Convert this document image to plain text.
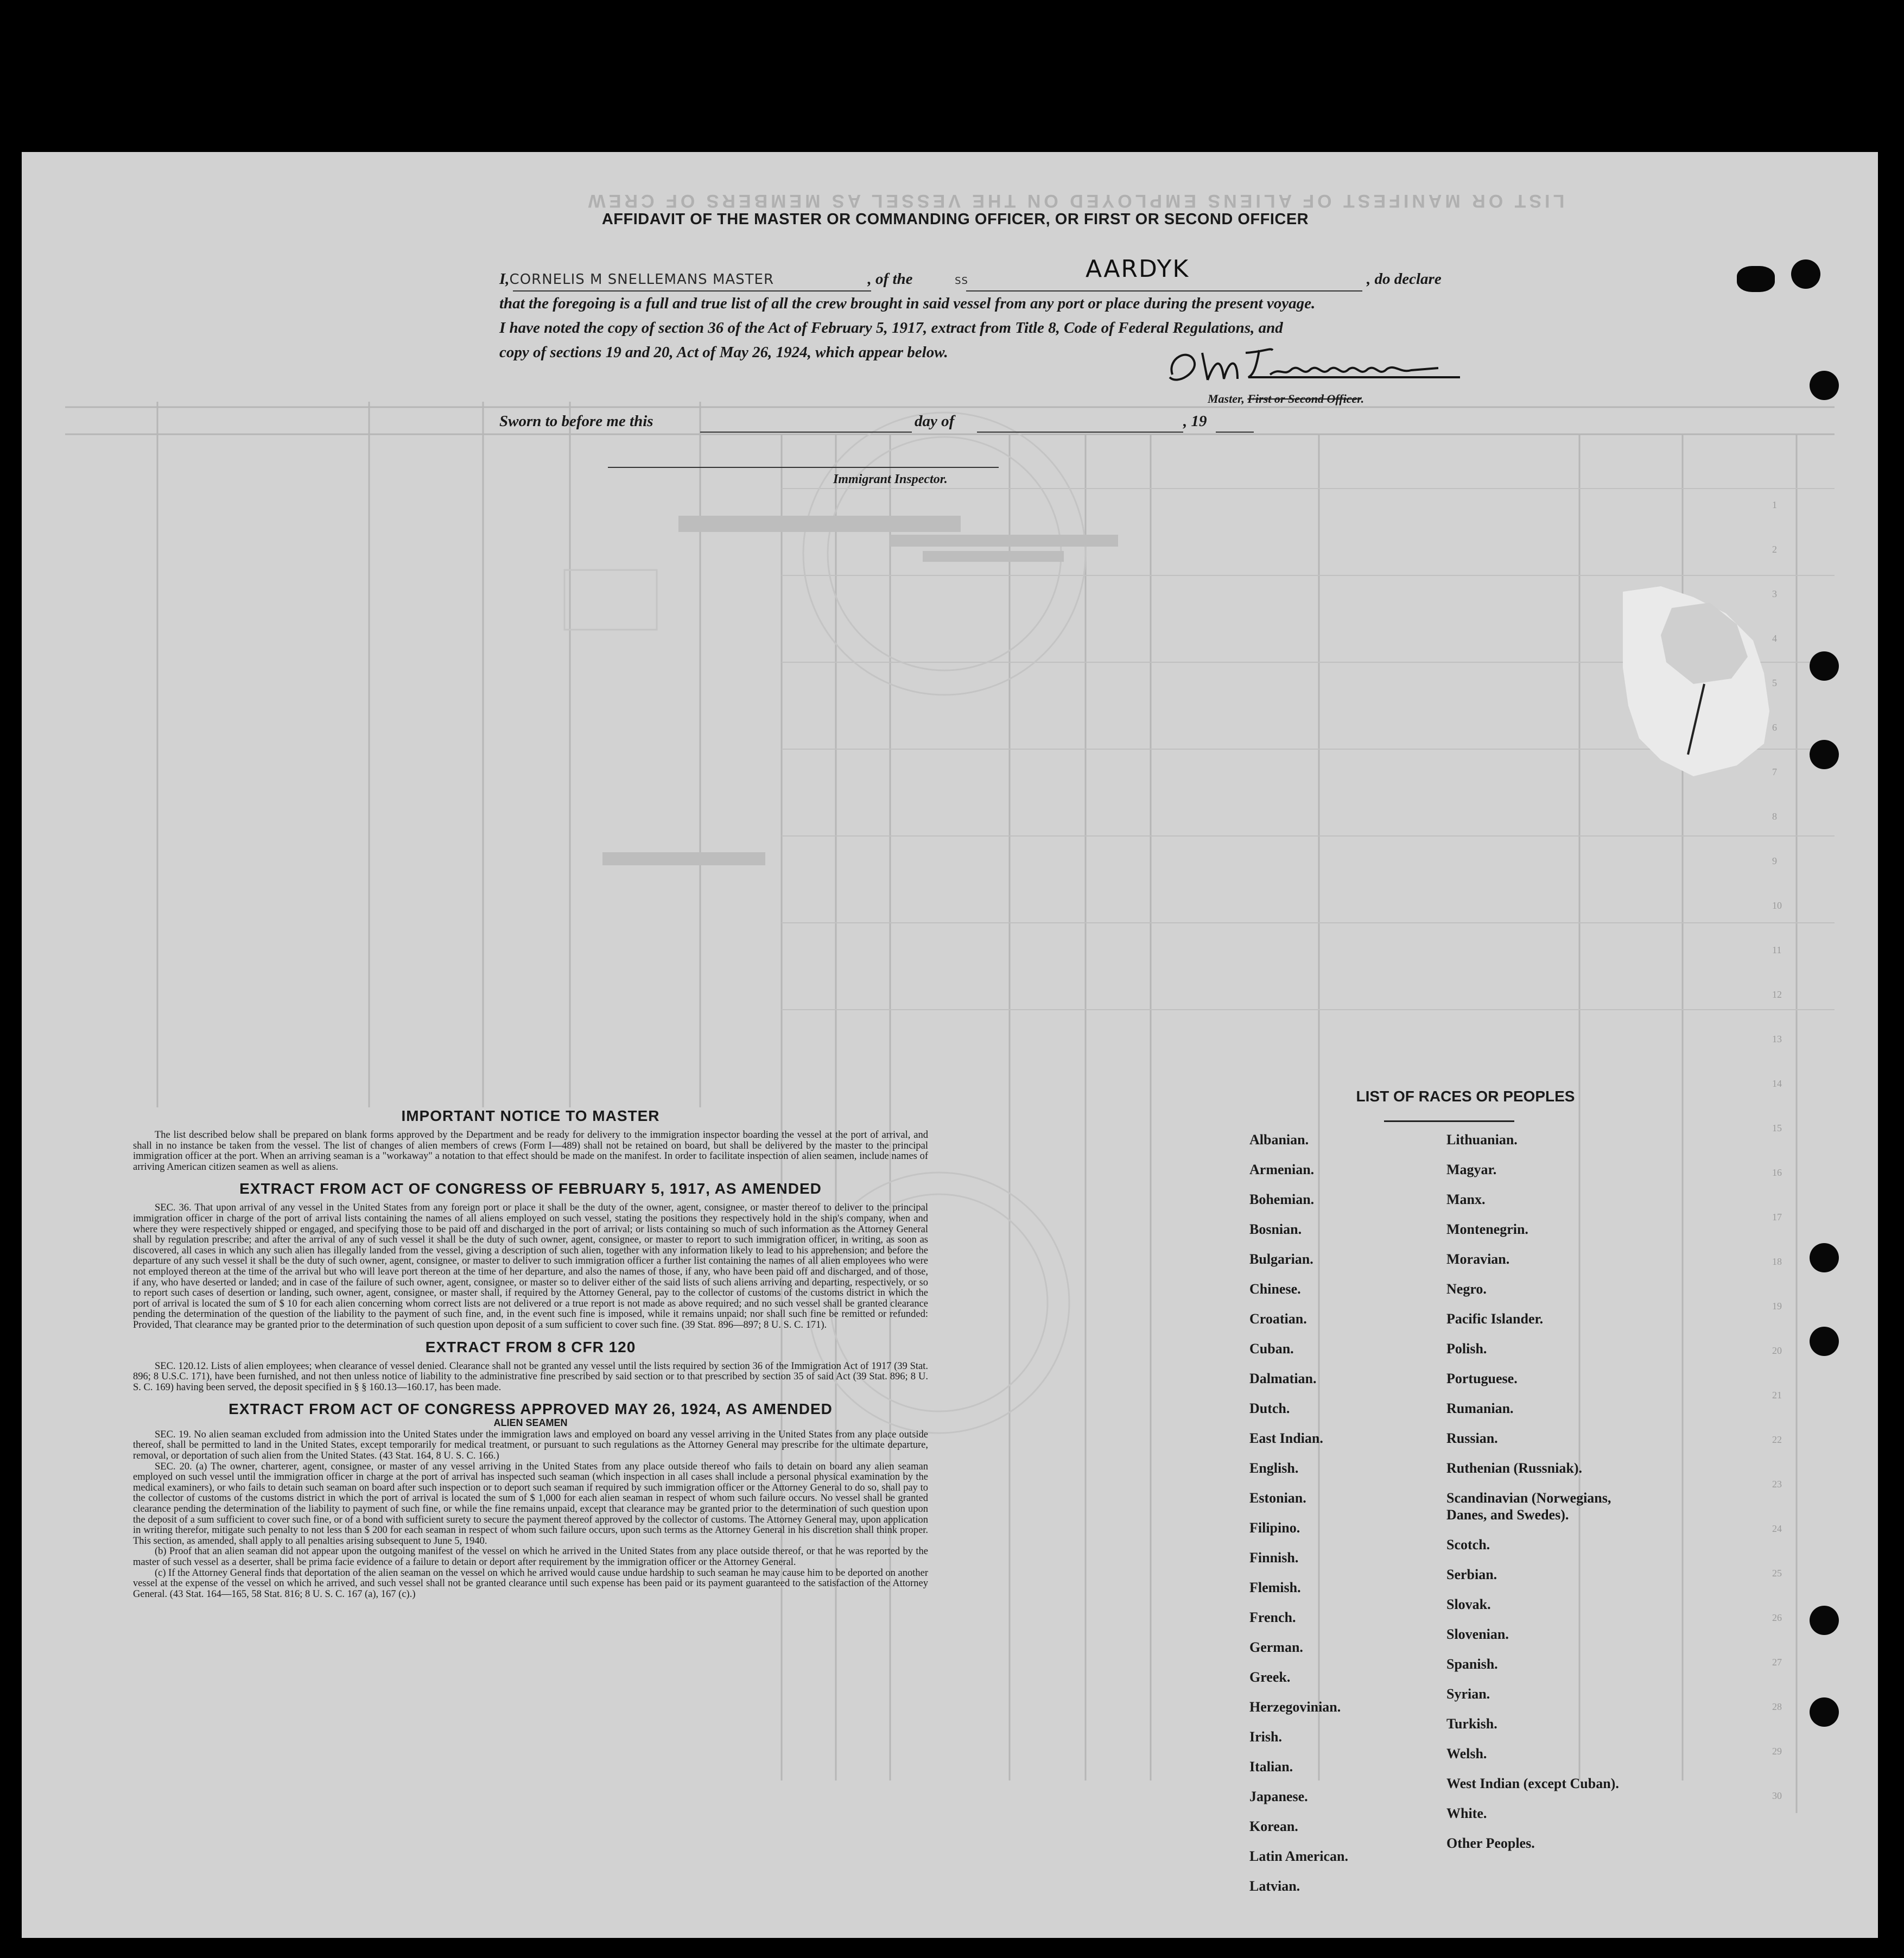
LIST OR MANIFEST OF ALIENS EMPLOYED ON THE VESSEL AS MEMBERS OF CREW
AFFIDAVIT OF THE MASTER OR COMMANDING OFFICER, OR FIRST OR SECOND OFFICER
I,CORNELIS M SNELLEMANS MASTER	, of the	SS	AARDYK	, do declare
that the foregoing is a full and true list of all the crew brought in said vessel from any port or place during the present voyage.
I have noted the copy of section 36 of the Act of February 5, 1917, extract from Title 8, Code of Federal Regulations, and
copy of sections 19 and 20, Act of May 26, 1924, which appear below.
Master, First or Second Officer.
Sworn to before me this	day of	, 19
Immigrant Inspector.
IMPORTANT NOTICE TO MASTER

The list described below shall be prepared on blank forms approved by the Department and be ready for delivery to the immigration inspector boarding the vessel at the port of arrival, and shall in no instance be taken from the vessel. The list of changes of alien members of crews (Form I—489) shall not be retained on board, but shall be delivered by the master to the principal immigration officer at the port. When an arriving seaman is a "workaway" a notation to that effect should be made on the manifest. In order to facilitate inspection of alien seamen, include names of arriving American citizen seamen as well as aliens.

EXTRACT FROM ACT OF CONGRESS OF FEBRUARY 5, 1917, AS AMENDED

SEC. 36. That upon arrival of any vessel in the United States from any foreign port or place it shall be the duty of the owner, agent, consignee, or master thereof to deliver to the principal immigration officer in charge of the port of arrival lists containing the names of all aliens employed on such vessel, stating the positions they respectively hold in the ship's company, when and where they were respectively shipped or engaged, and specifying those to be paid off and discharged in the port of arrival; or lists containing so much of such information as the Attorney General shall by regulation prescribe; and after the arrival of any of such vessel it shall be the duty of such owner, agent, consignee, or master to report to such immigration officer, in writing, as soon as discovered, all cases in which any such alien has illegally landed from the vessel, giving a description of such alien, together with any information likely to lead to his apprehension; and before the departure of any such vessel it shall be the duty of such owner, agent, consignee, or master to deliver to such immigration officer a further list containing the names of all alien employees who were not employed thereon at the time of the arrival but who will leave port thereon at the time of her departure, and also the names of those, if any, who have been paid off and discharged, and of those, if any, who have deserted or landed; and in case of the failure of such owner, agent, consignee, or master so to deliver either of the said lists of such aliens arriving and departing, respectively, or so to report such cases of desertion or landing, such owner, agent, consignee, or master shall, if required by the Attorney General, pay to the collector of customs of the customs district in which the port of arrival is located the sum of $ 10 for each alien concerning whom correct lists are not delivered or a true report is not made as above required; and no such vessel shall be granted clearance pending the determination of the question of the liability to the payment of such fine, and, in the event such fine is imposed, while it remains unpaid; nor shall such fine be remitted or refunded: Provided, That clearance may be granted prior to the determination of such question upon deposit of a sum sufficient to cover such fine. (39 Stat. 896—897; 8 U. S. C. 171).

EXTRACT FROM 8 CFR 120

SEC. 120.12. Lists of alien employees; when clearance of vessel denied. Clearance shall not be granted any vessel until the lists required by section 36 of the Immigration Act of 1917 (39 Stat. 896; 8 U.S.C. 171), have been furnished, and not then unless notice of liability to the administrative fine prescribed by said section or to that prescribed by section 35 of said Act (39 Stat. 896; 8 U. S. C. 169) having been served, the deposit specified in § § 160.13—160.17, has been made.

EXTRACT FROM ACT OF CONGRESS APPROVED MAY 26, 1924, AS AMENDED
ALIEN SEAMEN

SEC. 19. No alien seaman excluded from admission into the United States under the immigration laws and employed on board any vessel arriving in the United States from any place outside thereof, shall be permitted to land in the United States, except temporarily for medical treatment, or pursuant to such regulations as the Attorney General may prescribe for the ultimate departure, removal, or deportation of such alien from the United States. (43 Stat. 164, 8 U. S. C. 166.)

SEC. 20. (a) The owner, charterer, agent, consignee, or master of any vessel arriving in the United States from any place outside thereof who fails to detain on board any alien seaman employed on such vessel until the immigration officer in charge at the port of arrival has inspected such seaman (which inspection in all cases shall include a personal physical examination by the medical examiners), or who fails to detain such seaman on board after such inspection or to deport such seaman if required by such immigration officer or the Attorney General to do so, shall pay to the collector of customs of the customs district in which the port of arrival is located the sum of $ 1,000 for each alien seaman in respect of whom such failure occurs. No vessel shall be granted clearance pending the determination of the liability to payment of such fine, or while the fine remains unpaid, except that clearance may be granted prior to the determination of such question upon the deposit of a sum sufficient to cover such fine, or of a bond with sufficient surety to secure the payment thereof approved by the collector of customs. The Attorney General may, upon application in writing therefor, mitigate such penalty to not less than $ 200 for each seaman in respect of whom such failure occurs, upon such terms as the Attorney General in his discretion shall think proper. This section, as amended, shall apply to all penalties arising subsequent to June 5, 1940.

(b) Proof that an alien seaman did not appear upon the outgoing manifest of the vessel on which he arrived in the United States from any place outside thereof, or that he was reported by the master of such vessel as a deserter, shall be prima facie evidence of a failure to detain or deport after requirement by the immigration officer or the Attorney General.

(c) If the Attorney General finds that deportation of the alien seaman on the vessel on which he arrived would cause undue hardship to such seaman he may cause him to be deported on another vessel at the expense of the vessel on which he arrived, and such vessel shall not be granted clearance until such expense has been paid or its payment guaranteed to the satisfaction of the Attorney General. (43 Stat. 164—165, 58 Stat. 816; 8 U. S. C. 167 (a), 167 (c).)

LIST OF RACES OR PEOPLES
Albanian.
Armenian.
Bohemian.
Bosnian.
Bulgarian.
Chinese.
Croatian.
Cuban.
Dalmatian.
Dutch.
East Indian.
English.
Estonian.
Filipino.
Finnish.
Flemish.
French.
German.
Greek.
Herzegovinian.
Irish.
Italian.
Japanese.
Korean.
Latin American.
Latvian.
Lithuanian.
Magyar.
Manx.
Montenegrin.
Moravian.
Negro.
Pacific Islander.
Polish.
Portuguese.
Rumanian.
Russian.
Ruthenian (Russniak).
Scandinavian (Norwegians,
Danes, and Swedes).
Scotch.
Serbian.
Slovak.
Slovenian.
Spanish.
Syrian.
Turkish.
Welsh.
West Indian (except Cuban).
White.
Other Peoples.
1
2
3
4
5
6
7
8
9
10
11
12
13
14
15
16
17
18
19
20
21
22
23
24
25
26
27
28
29
30
